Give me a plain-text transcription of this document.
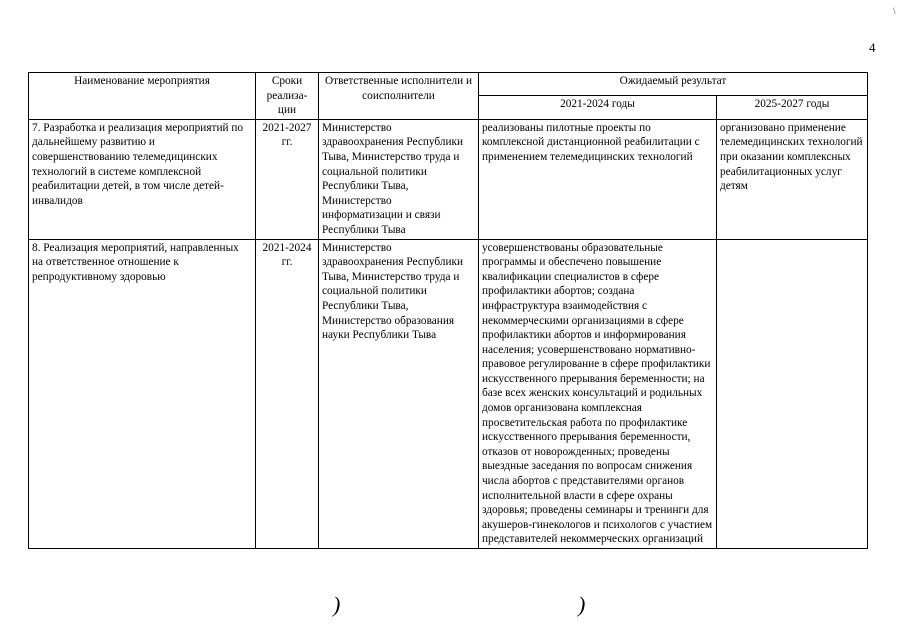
\
4
Наименование мероприятия	Сроки реализа-ции	Ответственные исполнители и соисполнители	Ожидаемый результат	
			2021-2024 годы	2025-2027 годы
7. Разработка и реализация мероприятий по дальнейшему развитию и совершенствованию телемедицинских технологий в системе комплексной реабилитации детей, в том числе детей-инвалидов	2021-2027 гг.	Министерство здравоохранения Республики Тыва, Министерство труда и социальной политики Республики Тыва, Министерство информатизации и связи Республики Тыва	реализованы пилотные проекты по комплексной дистанционной реабилитации с применением телемедицинских технологий	организовано применение телемедицинских технологий при оказании комплексных реабилитационных услуг детям
8. Реализация мероприятий, направленных на ответственное отношение к репродуктивному здоровью	2021-2024 гг.	Министерство здравоохранения Республики Тыва, Министерство труда и социальной политики Республики Тыва, Министерство образования науки Республики Тыва	усовершенствованы образовательные программы и обеспечено повышение квалификации специалистов в сфере профилактики абортов; создана инфраструктура взаимодействия с некоммерческими организациями в сфере профилактики абортов и информирования населения; усовершенствовано нормативно-правовое регулирование в сфере профилактики искусственного прерывания беременности; на базе всех женских консультаций и родильных домов организована комплексная просветительская работа по профилактике искусственного прерывания беременности, отказов от новорожденных; проведены выездные заседания по вопросам снижения числа абортов с представителями органов исполнительной власти в сфере охраны здоровья; проведены семинары и тренинги для акушеров-гинекологов и психологов с участием представителей некоммерческих организаций	
)	)
